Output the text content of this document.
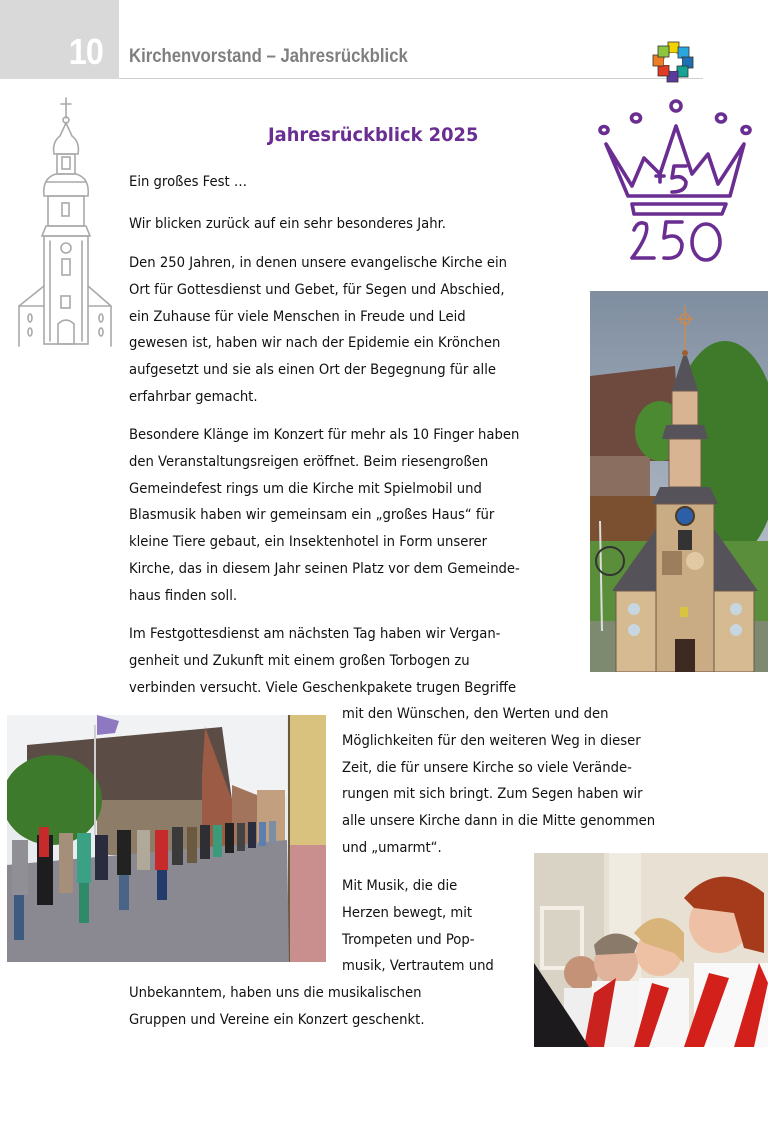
10 Kirchenvorstand – Jahresrückblick
Jahresrückblick 2025
Ein großes Fest …
Wir blicken zurück auf ein sehr besonderes Jahr.
Den 250 Jahren, in denen unsere evangelische Kirche ein
Ort für Gottesdienst und Gebet, für Segen und Abschied,
ein Zuhause für viele Menschen in Freude und Leid
gewesen ist, haben wir nach der Epidemie ein Krönchen
aufgesetzt und sie als einen Ort der Begegnung für alle
erfahrbar gemacht.
Besondere Klänge im Konzert für mehr als 10 Finger haben
den Veranstaltungsreigen eröffnet. Beim riesengroßen
Gemeindefest rings um die Kirche mit Spielmobil und
Blasmusik haben wir gemeinsam ein „großes Haus“ für
kleine Tiere gebaut, ein Insektenhotel in Form unserer
Kirche, das in diesem Jahr seinen Platz vor dem Gemeinde-
haus finden soll.
Im Festgottesdienst am nächsten Tag haben wir Vergan-
genheit und Zukunft mit einem großen Torbogen zu
verbinden versucht. Viele Geschenkpakete trugen Begriffe
mit den Wünschen, den Werten und den
Möglichkeiten für den weiteren Weg in dieser
Zeit, die für unsere Kirche so viele Verände-
rungen mit sich bringt. Zum Segen haben wir
alle unsere Kirche dann in die Mitte genommen
und „umarmt“.
Mit Musik, die die
Herzen bewegt, mit
Trompeten und Pop-
musik, Vertrautem und
Unbekanntem, haben uns die musikalischen
Gruppen und Vereine ein Konzert geschenkt.
